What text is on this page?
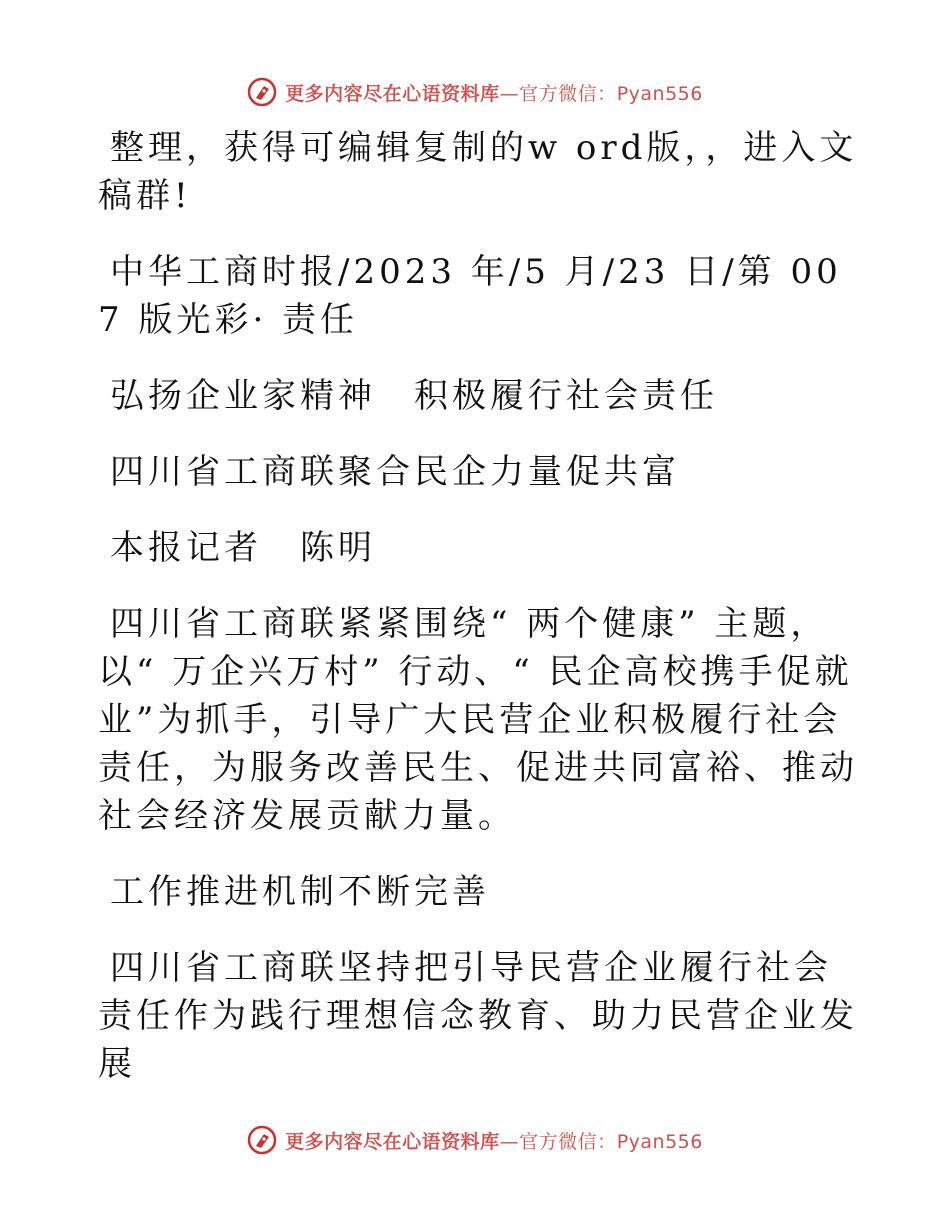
更多内容尽在心语资料库—官方微信：Pyan556

整理，获得可编辑复制的w ord版，，进入文稿群!

中华工商时报/2023 年/5 月/23 日/第 007 版光彩· 责任

弘扬企业家精神　积极履行社会责任

四川省工商联聚合民企力量促共富

本报记者　陈明

四川省工商联紧紧围绕“ 两个健康” 主题，以“ 万企兴万村” 行动、“ 民企高校携手促就业”为抓手，引导广大民营企业积极履行社会责任，为服务改善民生、促进共同富裕、推动社会经济发展贡献力量。

工作推进机制不断完善

四川省工商联坚持把引导民营企业履行社会责任作为践行理想信念教育、助力民营企业发展

更多内容尽在心语资料库—官方微信：Pyan556
